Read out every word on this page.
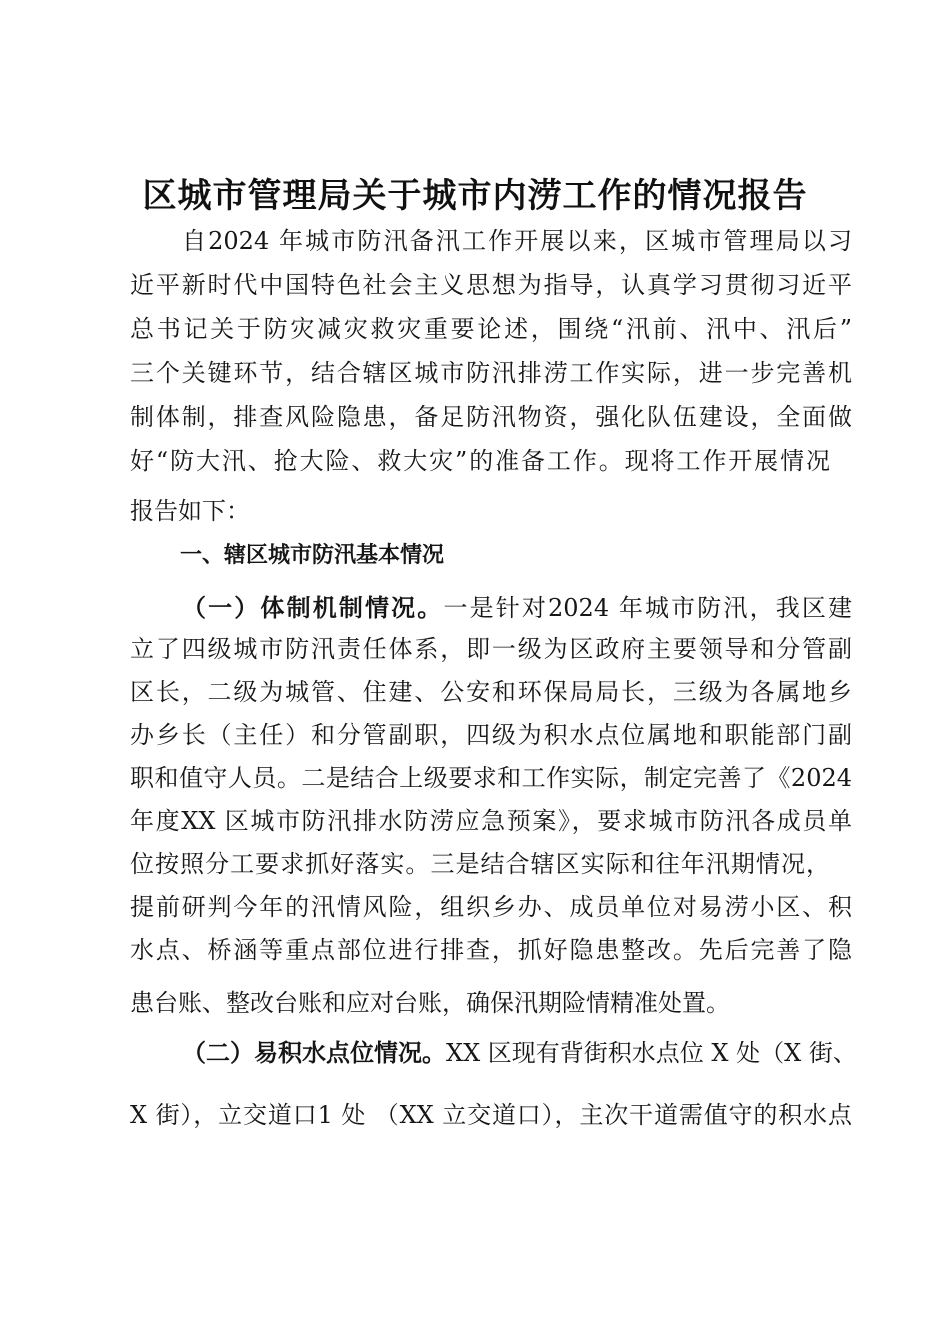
区城市管理局关于城市内涝工作的情况报告
自2024 年城市防汛备汛工作开展以来，区城市管理局以习
近平新时代中国特色社会主义思想为指导，认真学习贯彻习近平
总书记关于防灾减灾救灾重要论述，围绕“汛前、汛中、汛后”
三个关键环节，结合辖区城市防汛排涝工作实际，进一步完善机
制体制，排查风险隐患，备足防汛物资，强化队伍建设，全面做
好“防大汛、抢大险、救大灾”的准备工作。现将工作开展情况
报告如下：
一、辖区城市防汛基本情况
（一）体制机制情况。一是针对2024 年城市防汛，我区建
立了四级城市防汛责任体系，即一级为区政府主要领导和分管副
区长，二级为城管、住建、公安和环保局局长，三级为各属地乡
办乡长（主任）和分管副职，四级为积水点位属地和职能部门副
职和值守人员。二是结合上级要求和工作实际，制定完善了《2024
年度XX 区城市防汛排水防涝应急预案》，要求城市防汛各成员单
位按照分工要求抓好落实。三是结合辖区实际和往年汛期情况，
提前研判今年的汛情风险，组织乡办、成员单位对易涝小区、积
水点、桥涵等重点部位进行排查，抓好隐患整改。先后完善了隐
患台账、整改台账和应对台账，确保汛期险情精准处置。
（二）易积水点位情况。XX 区现有背街积水点位 X 处（X 街、
X 街），立交道口1 处 （XX 立交道口），主次干道需值守的积水点
